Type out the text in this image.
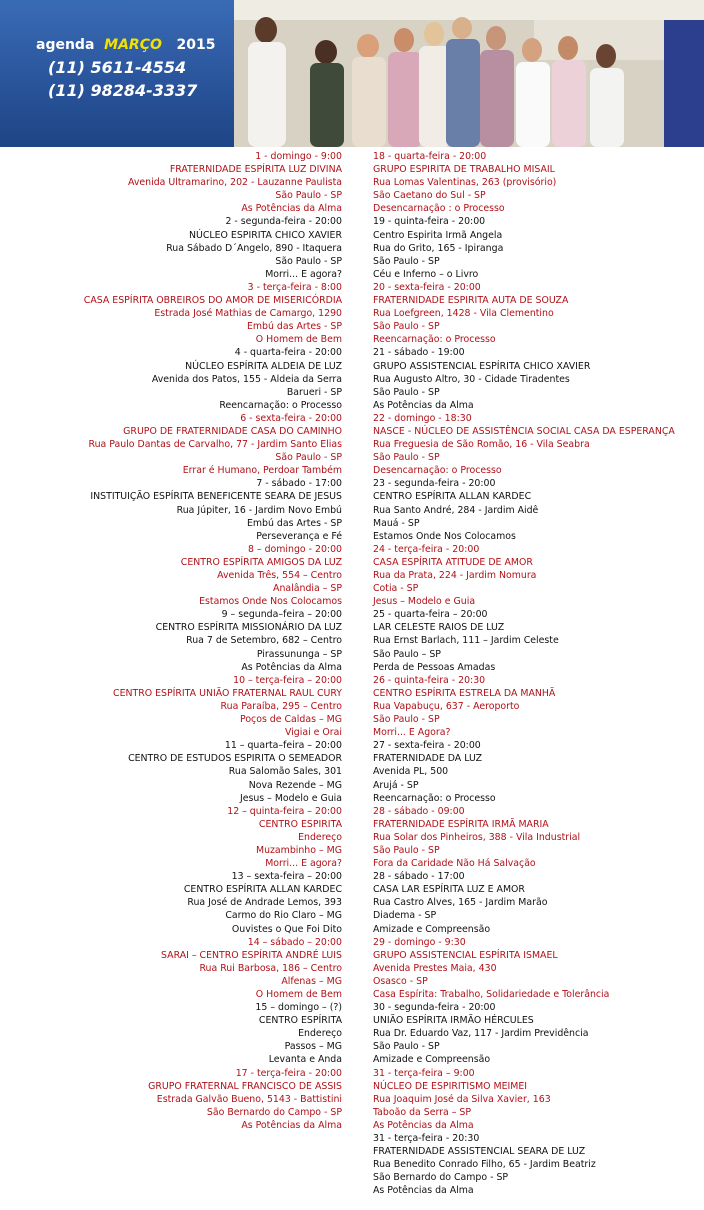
agenda MARÇO 2015
(11) 5611-4554
(11) 98284-3337
1 - domingo - 9:00
FRATERNIDADE ESPÍRITA LUZ DIVINA
Avenida Ultramarino, 202 - Lauzanne Paulista
São Paulo - SP
As Potências da Alma
2 - segunda-feira - 20:00
NÚCLEO ESPIRITA CHICO XAVIER
Rua Sábado D´Angelo, 890 - Itaquera
São Paulo - SP
Morri... E agora?
3 - terça-feira - 8:00
CASA ESPÍRITA OBREIROS DO AMOR DE MISERICÓRDIA
Estrada José Mathias de Camargo, 1290
Embú das Artes - SP
O Homem de Bem
4 - quarta-feira - 20:00
NÚCLEO ESPÍRITA ALDEIA DE LUZ
Avenida dos Patos, 155 - Aldeia da Serra
Barueri - SP
Reencarnação: o Processo
6 - sexta-feira - 20:00
GRUPO DE FRATERNIDADE CASA DO CAMINHO
Rua Paulo Dantas de Carvalho, 77 - Jardim Santo Elias
São Paulo - SP
Errar é Humano, Perdoar Também
7 - sábado - 17:00
INSTITUIÇÃO ESPÍRITA BENEFICENTE SEARA DE JESUS
Rua Júpiter, 16 - Jardim Novo Embú
Embú das Artes - SP
Perseverança e Fé
8 – domingo - 20:00
CENTRO ESPÍRITA AMIGOS DA LUZ
Avenida Três, 554 – Centro
Analândia – SP
Estamos Onde Nos Colocamos
9 – segunda–feira – 20:00
CENTRO ESPÍRITA MISSIONÁRIO DA LUZ
Rua 7 de Setembro, 682 – Centro
Pirassununga – SP
As Potências da Alma
10 – terça-feira – 20:00
CENTRO ESPÍRITA UNIÃO FRATERNAL RAUL CURY
Rua Paraíba, 295 – Centro
Poços de Caldas – MG
Vigiai e Orai
11 – quarta–feira – 20:00
CENTRO DE ESTUDOS ESPIRITA O SEMEADOR
Rua Salomão Sales, 301
Nova Rezende – MG
Jesus – Modelo e Guia
12 – quinta-feira – 20:00
CENTRO ESPIRITA
Endereço
Muzambinho – MG
Morri... E agora?
13 – sexta-feira – 20:00
CENTRO ESPÍRITA ALLAN KARDEC
Rua José de Andrade Lemos, 393
Carmo do Rio Claro – MG
Ouvistes o Que Foi Dito
14 – sábado – 20:00
SARAI – CENTRO ESPÍRITA ANDRÉ LUIS
Rua Rui Barbosa, 186 – Centro
Alfenas – MG
O Homem de Bem
15 – domingo – (?)
CENTRO ESPÍRITA
Endereço
Passos – MG
Levanta e Anda
17 - terça-feira - 20:00
GRUPO FRATERNAL FRANCISCO DE ASSIS
Estrada Galvão Bueno, 5143 - Battistini
São Bernardo do Campo - SP
As Potências da Alma
18 - quarta-feira - 20:00
GRUPO ESPIRITA DE TRABALHO MISAIL
Rua Lomas Valentinas, 263 (provisório)
São Caetano do Sul - SP
Desencarnação : o Processo
19 - quinta-feira - 20:00
Centro Espirita Irmã Angela
Rua do Grito, 165 - Ipiranga
São Paulo - SP
Céu e Inferno – o Livro
20 - sexta-feira - 20:00
FRATERNIDADE ESPIRITA AUTA DE SOUZA
Rua Loefgreen, 1428 - Vila Clementino
São Paulo - SP
Reencarnação: o Processo
21 - sábado - 19:00
GRUPO ASSISTENCIAL ESPÍRITA CHICO XAVIER
Rua Augusto Altro, 30 - Cidade Tiradentes
São Paulo - SP
As Potências da Alma
22 - domingo - 18:30
NASCE - NÚCLEO DE ASSISTÊNCIA SOCIAL CASA DA ESPERANÇA
Rua Freguesia de São Romão, 16 - Vila Seabra
São Paulo - SP
Desencarnação: o Processo
23 - segunda-feira - 20:00
CENTRO ESPÍRITA ALLAN KARDEC
Rua Santo André, 284 - Jardim Aidê
Mauá - SP
Estamos Onde Nos Colocamos
24 - terça-feira - 20:00
CASA ESPÍRITA ATITUDE DE AMOR
Rua da Prata, 224 - Jardim Nomura
Cotia - SP
Jesus – Modelo e Guia
25 - quarta-feira – 20:00
LAR CELESTE RAIOS DE LUZ
Rua Ernst Barlach, 111 – Jardim Celeste
São Paulo – SP
Perda de Pessoas Amadas
26 - quinta-feira - 20:30
CENTRO ESPÍRITA ESTRELA DA MANHÃ
Rua Vapabuçu, 637 - Aeroporto
São Paulo - SP
Morri... E Agora?
27 - sexta-feira - 20:00
FRATERNIDADE DA LUZ
Avenida PL, 500
Arujá - SP
Reencarnação: o Processo
28 - sábado - 09:00
FRATERNIDADE ESPÍRITA IRMÃ MARIA
Rua Solar dos Pinheiros, 388 - Vila Industrial
São Paulo - SP
Fora da Caridade Não Há Salvação
28 - sábado - 17:00
CASA LAR ESPÍRITA LUZ E AMOR
Rua Castro Alves, 165 - Jardim Marão
Diadema - SP
Amizade e Compreensão
29 - domingo - 9:30
GRUPO ASSISTENCIAL ESPÍRITA ISMAEL
Avenida Prestes Maia, 430
Osasco - SP
Casa Espírita: Trabalho, Solidariedade e Tolerância
30 - segunda-feira - 20:00
UNIÃO ESPÍRITA IRMÃO HÉRCULES
Rua Dr. Eduardo Vaz, 117 - Jardim Previdência
São Paulo - SP
Amizade e Compreensão
31 - terça-feira – 9:00
NÚCLEO DE ESPIRITISMO MEIMEI
Rua Joaquim José da Silva Xavier, 163
Taboão da Serra – SP
As Potências da Alma
31 - terça-feira - 20:30
FRATERNIDADE ASSISTENCIAL SEARA DE LUZ
Rua Benedito Conrado Filho, 65 - Jardim Beatriz
São Bernardo do Campo - SP
As Potências da Alma
